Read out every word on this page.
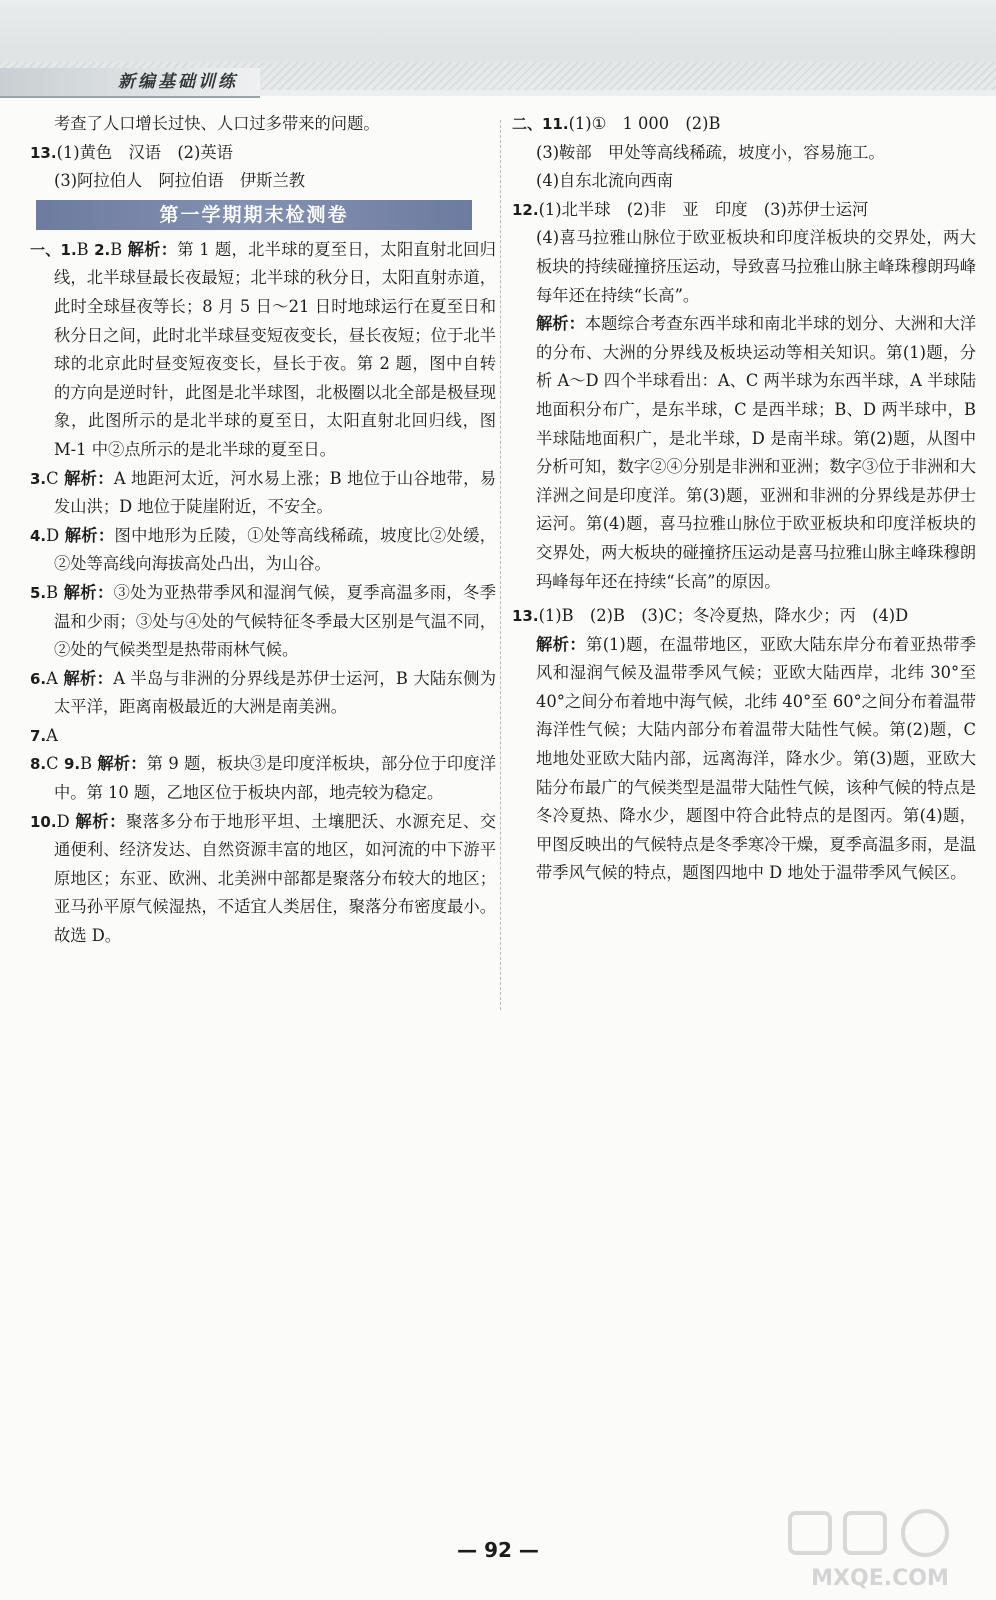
新编基础训练

考查了人口增长过快、人口过多带来的问题。

13.(1)黄色　汉语　(2)英语

(3)阿拉伯人　阿拉伯语　伊斯兰教

第一学期期末检测卷

一、1.B 2.B 解析：第 1 题，北半球的夏至日，太阳直射北回归线，北半球昼最长夜最短；北半球的秋分日，太阳直射赤道，此时全球昼夜等长；8 月 5 日～21 日时地球运行在夏至日和秋分日之间，此时北半球昼变短夜变长，昼长夜短；位于北半球的北京此时昼变短夜变长，昼长于夜。第 2 题，图中自转的方向是逆时针，此图是北半球图，北极圈以北全部是极昼现象，此图所示的是北半球的夏至日，太阳直射北回归线，图 M-1 中②点所示的是北半球的夏至日。

3.C 解析：A 地距河太近，河水易上涨；B 地位于山谷地带，易发山洪；D 地位于陡崖附近，不安全。

4.D 解析：图中地形为丘陵，①处等高线稀疏，坡度比②处缓，②处等高线向海拔高处凸出，为山谷。

5.B 解析：③处为亚热带季风和湿润气候，夏季高温多雨，冬季温和少雨；③处与④处的气候特征冬季最大区别是气温不同，②处的气候类型是热带雨林气候。

6.A 解析：A 半岛与非洲的分界线是苏伊士运河，B 大陆东侧为太平洋，距离南极最近的大洲是南美洲。

7.A

8.C 9.B 解析：第 9 题，板块③是印度洋板块，部分位于印度洋中。第 10 题，乙地区位于板块内部，地壳较为稳定。

10.D 解析：聚落多分布于地形平坦、土壤肥沃、水源充足、交通便利、经济发达、自然资源丰富的地区，如河流的中下游平原地区；东亚、欧洲、北美洲中部都是聚落分布较大的地区；亚马孙平原气候湿热，不适宜人类居住，聚落分布密度最小。故选 D。

二、11.(1)①　1 000　(2)B

(3)鞍部　甲处等高线稀疏，坡度小，容易施工。

(4)自东北流向西南

12.(1)北半球　(2)非　亚　印度　(3)苏伊士运河

(4)喜马拉雅山脉位于欧亚板块和印度洋板块的交界处，两大板块的持续碰撞挤压运动，导致喜马拉雅山脉主峰珠穆朗玛峰每年还在持续“长高”。

解析：本题综合考查东西半球和南北半球的划分、大洲和大洋的分布、大洲的分界线及板块运动等相关知识。第(1)题，分析 A～D 四个半球看出：A、C 两半球为东西半球，A 半球陆地面积分布广，是东半球，C 是西半球；B、D 两半球中，B 半球陆地面积广，是北半球，D 是南半球。第(2)题，从图中分析可知，数字②④分别是非洲和亚洲；数字③位于非洲和大洋洲之间是印度洋。第(3)题，亚洲和非洲的分界线是苏伊士运河。第(4)题，喜马拉雅山脉位于欧亚板块和印度洋板块的交界处，两大板块的碰撞挤压运动是喜马拉雅山脉主峰珠穆朗玛峰每年还在持续“长高”的原因。

13.(1)B　(2)B　(3)C；冬冷夏热，降水少；丙　(4)D

解析：第(1)题，在温带地区，亚欧大陆东岸分布着亚热带季风和湿润气候及温带季风气候；亚欧大陆西岸，北纬 30°至 40°之间分布着地中海气候，北纬 40°至 60°之间分布着温带海洋性气候；大陆内部分布着温带大陆性气候。第(2)题，C 地地处亚欧大陆内部，远离海洋，降水少。第(3)题，亚欧大陆分布最广的气候类型是温带大陆性气候，该种气候的特点是冬冷夏热、降水少，题图中符合此特点的是图丙。第(4)题，甲图反映出的气候特点是冬季寒冷干燥，夏季高温多雨，是温带季风气候的特点，题图四地中 D 地处于温带季风气候区。

— 92 —
MXQE.COM
